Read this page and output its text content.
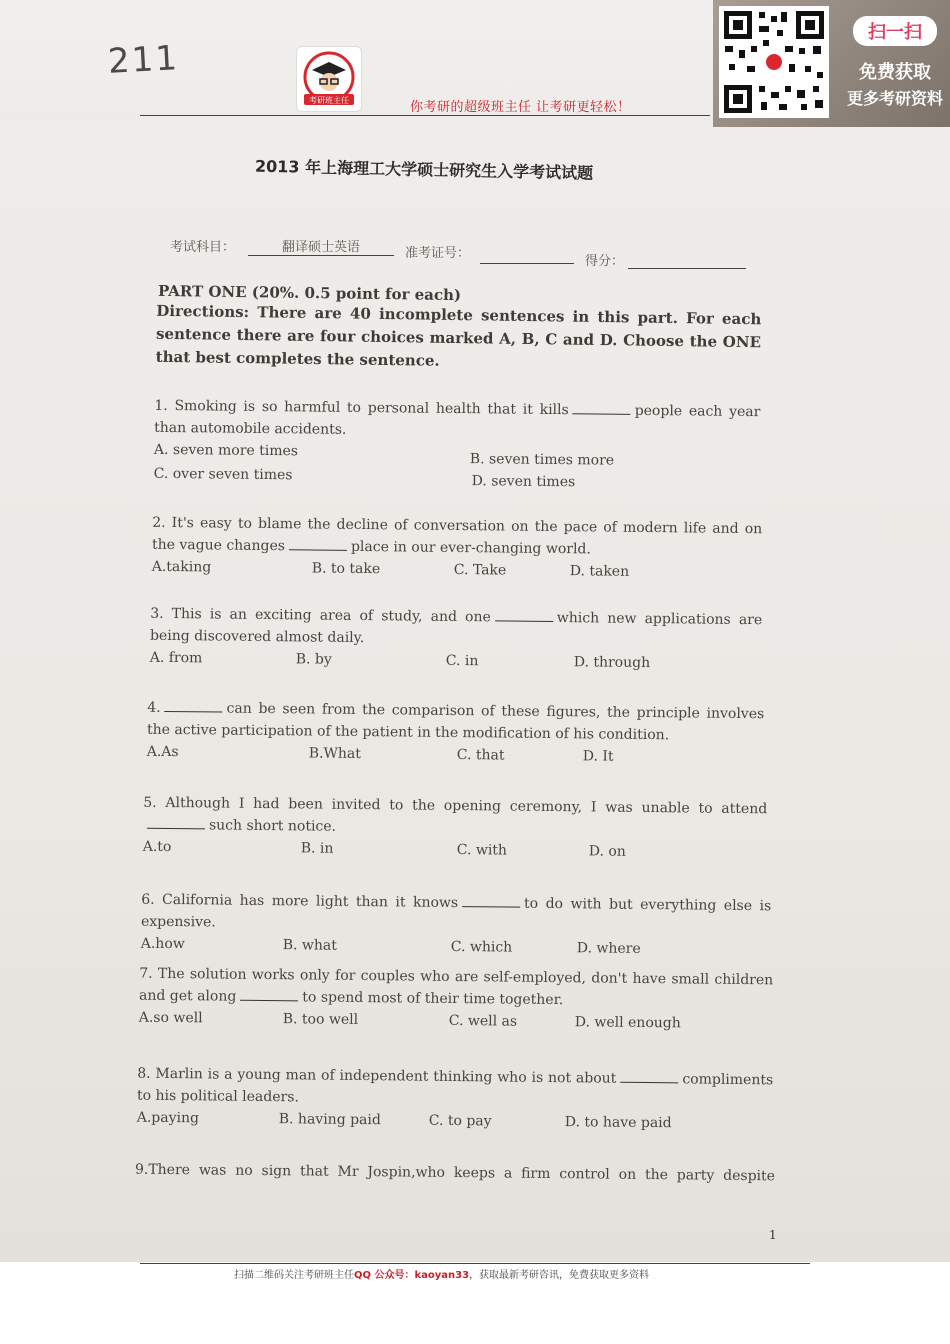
211
考研班主任	你考研的超级班主任 让考研更轻松！
扫一扫
免费获取
更多考研资料
2013 年上海理工大学硕士研究生入学考试试题
考试科目：	翻译硕士英语	准考证号：
得分：
PART ONE (20%. 0.5 point for each)
Directions: There are 40 incomplete sentences in this part. For each sentence there are four choices marked A, B, C and D. Choose the ONE that best completes the sentence.
1. Smoking is so harmful to personal health that it kills	people each year than automobile accidents.
A. seven more times
B. seven times more
C. over seven times	D. seven times
2. It's easy to blame the decline of conversation on the pace of modern life and on the vague changes	place in our ever-changing world.
A.taking	B. to take	C. Take	D. taken
3. This is an exciting area of study, and one	which new applications are being discovered almost daily.
A. from	B. by	C. in	D. through
4.	can be seen from the comparison of these figures, the principle involves the active participation of the patient in the modification of his condition.
A.As	B.What	C. that	D. It
5. Although I had been invited to the opening ceremony, I was unable to attendsuch short notice.
A.to	B. in	C. with	D. on
6. California has more light than it knows	to do with but everything else is expensive.
A.how	B. what	C. which	D. where
7. The solution works only for couples who are self-employed, don't have small children and get along	to spend most of their time together.
A.so well	B. too well	C. well as	D. well enough
8. Marlin is a young man of independent thinking who is not about	compliments to his political leaders.
A.paying	B. having paid	C. to pay	D. to have paid
9.There was no sign that Mr Jospin,who keeps a firm control on the party despite
1
扫描二维码关注考研班主任QQ 公众号：kaoyan33，获取最新考研咨讯，免费获取更多资料
